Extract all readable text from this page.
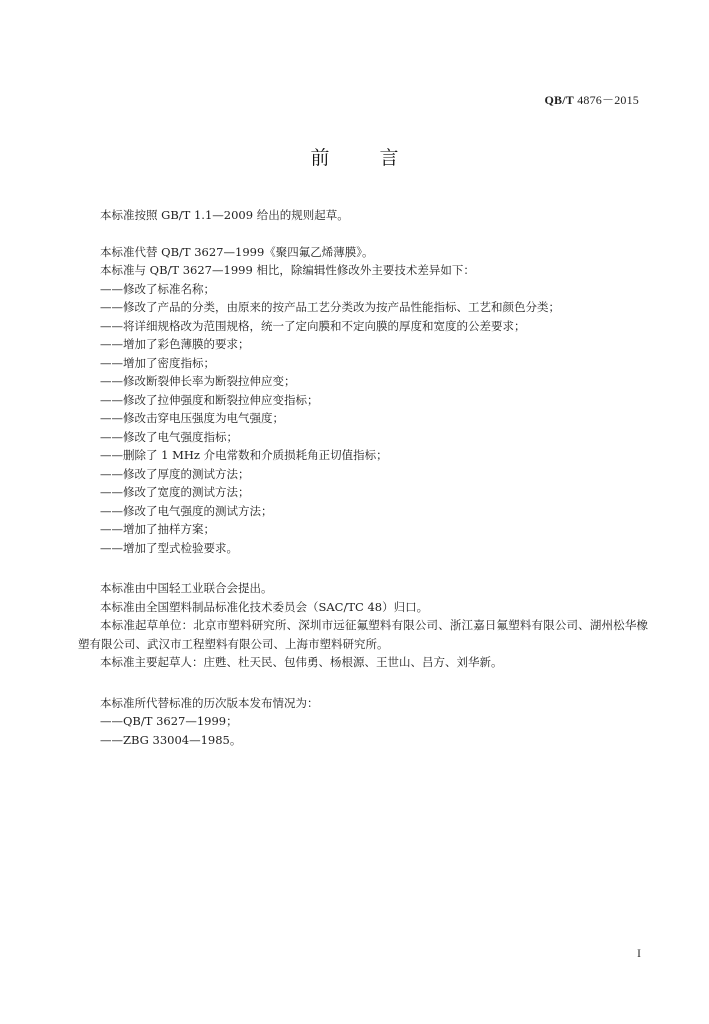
QB/T 4876－2015
前 言

本标准按照 GB/T 1.1—2009 给出的规则起草。

本标准代替 QB/T 3627—1999《聚四氟乙烯薄膜》。

本标准与 QB/T 3627—1999 相比，除编辑性修改外主要技术差异如下：

——修改了标准名称；

——修改了产品的分类，由原来的按产品工艺分类改为按产品性能指标、工艺和颜色分类；

——将详细规格改为范围规格，统一了定向膜和不定向膜的厚度和宽度的公差要求；

——增加了彩色薄膜的要求；

——增加了密度指标；

——修改断裂伸长率为断裂拉伸应变；

——修改了拉伸强度和断裂拉伸应变指标；

——修改击穿电压强度为电气强度；

——修改了电气强度指标；

——删除了 1 MHz 介电常数和介质损耗角正切值指标；

——修改了厚度的测试方法；

——修改了宽度的测试方法；

——修改了电气强度的测试方法；

——增加了抽样方案；

——增加了型式检验要求。

本标准由中国轻工业联合会提出。

本标准由全国塑料制品标准化技术委员会（SAC/TC 48）归口。

本标准起草单位：北京市塑料研究所、深圳市远征氟塑料有限公司、浙江嘉日氟塑料有限公司、湖州松华橡塑有限公司、武汉市工程塑料有限公司、上海市塑料研究所。

本标准主要起草人：庄甦、杜天民、包伟勇、杨根源、王世山、吕方、刘华新。

本标准所代替标准的历次版本发布情况为：

——QB/T 3627—1999；

——ZBG 33004—1985。

I
